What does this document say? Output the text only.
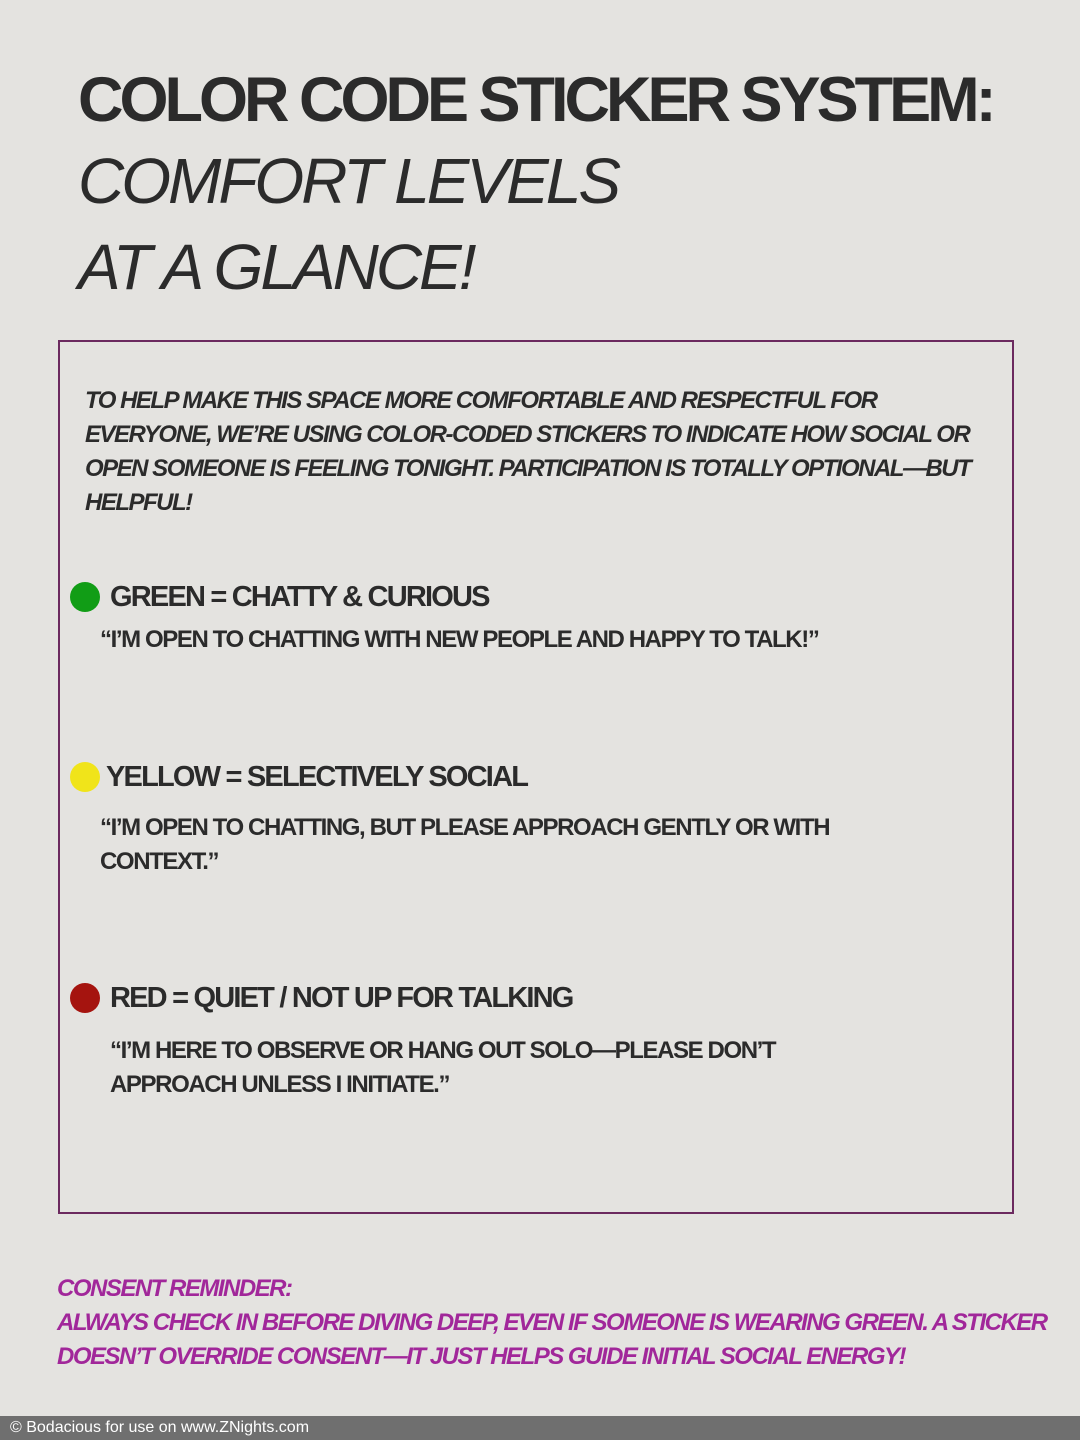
COLOR CODE STICKER SYSTEM:
COMFORT LEVELS
AT A GLANCE!
TO HELP MAKE THIS SPACE MORE COMFORTABLE AND RESPECTFUL FOR EVERYONE, WE’RE USING COLOR-CODED STICKERS TO INDICATE HOW SOCIAL OR OPEN SOMEONE IS FEELING TONIGHT. PARTICIPATION IS TOTALLY OPTIONAL—BUT HELPFUL!
GREEN = CHATTY & CURIOUS
“I’M OPEN TO CHATTING WITH NEW PEOPLE AND HAPPY TO TALK!”
YELLOW = SELECTIVELY SOCIAL
“I’M OPEN TO CHATTING, BUT PLEASE APPROACH GENTLY OR WITH CONTEXT.”
RED = QUIET / NOT UP FOR TALKING
“I’M HERE TO OBSERVE OR HANG OUT SOLO—PLEASE DON’T APPROACH UNLESS I INITIATE.”
CONSENT REMINDER:
ALWAYS CHECK IN BEFORE DIVING DEEP, EVEN IF SOMEONE IS WEARING GREEN. A STICKER DOESN’T OVERRIDE CONSENT—IT JUST HELPS GUIDE INITIAL SOCIAL ENERGY!
© Bodacious for use on www.ZNights.com
